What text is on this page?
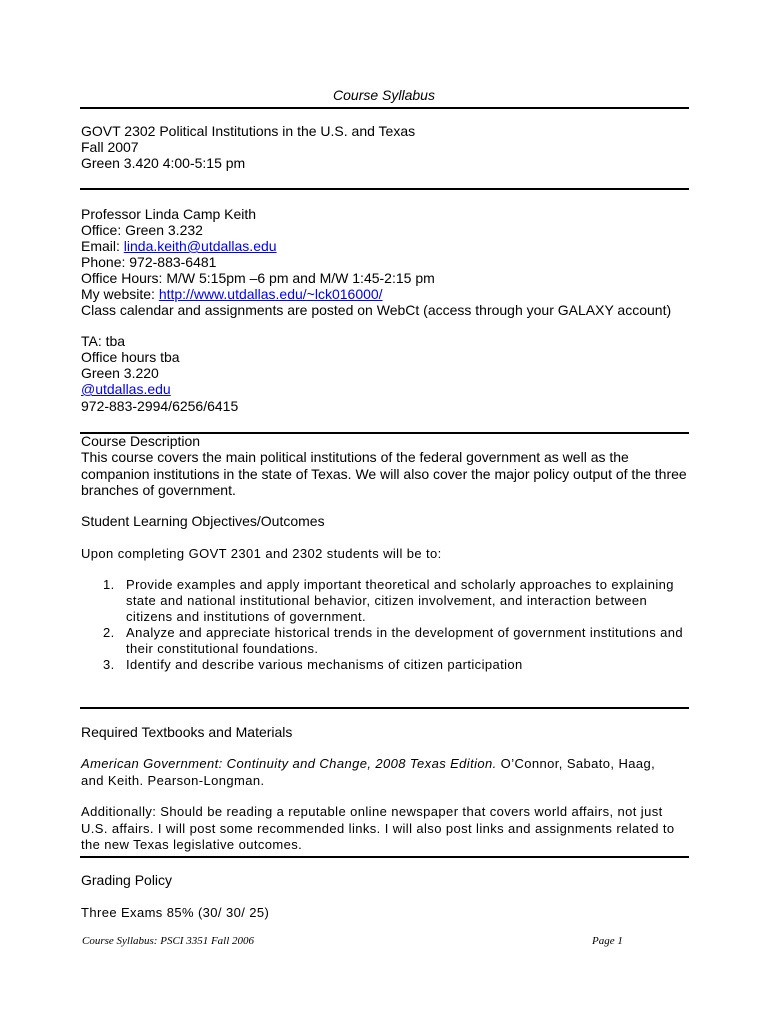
Course Syllabus
GOVT 2302 Political Institutions in the U.S. and Texas
Fall 2007
Green 3.420 4:00-5:15 pm
Professor Linda Camp Keith
Office: Green 3.232
Email: linda.keith@utdallas.edu
Phone: 972-883-6481
Office Hours: M/W 5:15pm –6 pm and M/W 1:45-2:15 pm
My website: http://www.utdallas.edu/~lck016000/
Class calendar and assignments are posted on WebCt (access through your GALAXY account)
TA: tba
Office hours tba
Green 3.220
@utdallas.edu
972-883-2994/6256/6415
Course Description
This course covers the main political institutions of the federal government as well as the companion institutions in the state of Texas. We will also cover the major policy output of the three branches of government.
Student Learning Objectives/Outcomes
Upon completing GOVT 2301 and 2302 students will be to:
1. Provide examples and apply important theoretical and scholarly approaches to explaining state and national institutional behavior, citizen involvement, and interaction between citizens and institutions of government.
2. Analyze and appreciate historical trends in the development of government institutions and their constitutional foundations.
3. Identify and describe various mechanisms of citizen participation
Required Textbooks and Materials
American Government: Continuity and Change, 2008 Texas Edition. O’Connor, Sabato, Haag, and Keith. Pearson-Longman.
Additionally: Should be reading a reputable online newspaper that covers world affairs, not just U.S. affairs. I will post some recommended links. I will also post links and assignments related to the new Texas legislative outcomes.
Grading Policy
Three Exams 85% (30/ 30/ 25)
Course Syllabus: PSCI 3351 Fall 2006	Page 1
